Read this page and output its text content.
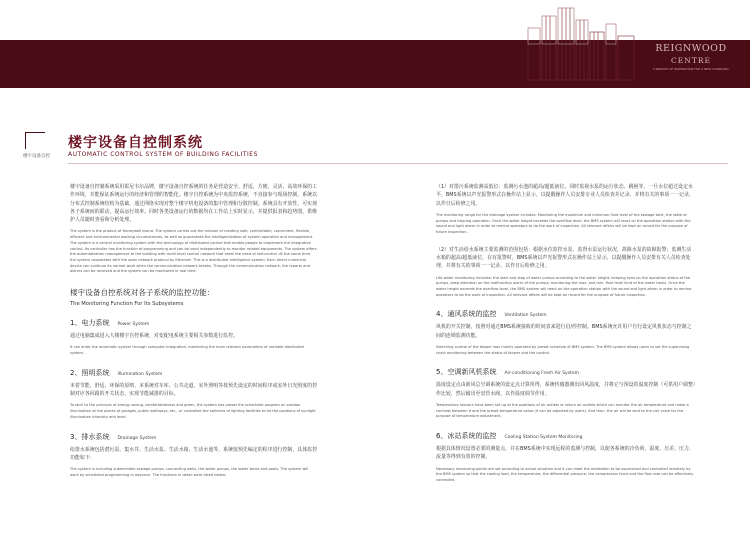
REIGNWOOD
CENTRE
A BREATH OF INSPIRATION FOR A NEW STANDARD
楼宇设备自控
楼宇设备自控制系统
AUTOMATIC CONTROL SYSTEM OF BUILDING FACILITIES

楼宇设备自控制系统采用霍尼韦尔品牌，楼宇设备自控系统的任务是营造安全、舒适、方便、灵活、高效环保的工作环境，并能保证系统运行的经济和管理的智能化。楼宇自控系统为中央监控系统，不直接参与现场控制，系统以分布式控制系统结构为基础，通过网络实现对整个楼宇机电设备的集中管理和分散控制。系统具有开放性，可实现各子系统间的联动，提高运行效率。同时各类设备运行的数据均在工作站上实时显示，并提供报表和趋势图，供维护人员随时查看和分析处理。

The system is the product of Honeywell brand. The system carries out the mission of creating safe, comfortable, convenient, flexible, efficient and environmental working circumstances, as well as guarantees the intelligentization of system operation and management. The system is a central monitoring system with the technology of distributed control that enable people to implement the integrative control. Its controller has the function of programming and can be used independently to monitor related equipments. The system offers the automatization management to the building with multi-level control network that meet the need of self-control. At the same time, the system cooperates with the open network protocol by Ethernet. This is a distributed intelligence system. Each direct numerical device can continue its normal work when the communication network breaks. Through the communication network, the reports and alarms can be received and the system can be monitored in real time.

楼宇设备自控系统对各子系统的监控功能：
The Monitoring Function For Its Subsystems
1、电力系统 Power System

通过电脑集成进入大楼楼宇自控系统，对变配电系统主要相关参数进行监控。

It can enter the automatic system through computer integration, monitoring the main relevant parameters of variable distributed system.

2、照明系统 Illumination System

本着节能、舒适、环保的原则，本系统对车库、公共走道、室外照明等按预先设定的时间程序或室外日光照度的控制对应各回路的开关状态，实现节能减排的目标。

To stick to the principle of energy saving, comfortableness and green, the system has preset the scheduled program on outdoor illumination at the places of garages, public walkways, etc., or controlled the switches of lighting facilities to let the positions of sunlight illumination intensity and level.

3、排水系统 Drainage System

给排水系统包括潜污泵、集水井、生活水泵、生活水箱、生活水池等，系统按预先编定的程序进行控制，具体监控功能如下：

The system is including submersible sewage pumps, connecting wells, the water pumps, the water tanks and pools. The system will work by scheduled programming in advance. The functions in detail were listed below:

（1）对排污系统监测高低位：监测污水池的超高/超低液位。同时监视水泵的运行状态、跳闸等，一旦水位超过设定水平，BMS系统以声光报警形式在操作站上显示，以提醒操作人员安排专业人员检查并记录，并将有关的事项一一记录，以作日后检修之用。

The monitoring range for the drainage system includes: Monitoring the maximum and minimum fluid level of the sewage tank, the state of pumps and tripping operation. Once the water height exceeds the overflow level, the BMS system will react on the operation station with the sound and light alarm in order to remind operators to do the work of inspection. All relevant affairs will be kept on record for the purpose of future inspection.

（2）对生活给水系统主要监测的范围包括：根据水位监控水泵，监督水泵运行状况，故障水泵的故障报警；监测生活水箱的超高/超低液位，在有报警时，BMS系统以声光报警形式在操作站上显示，以提醒操作人员安排有关人员检查处理，并将有关的事项一一记录，以作日后检修之用。

Life water monitoring includes: the start and stop of water pumps according to the water height; keeping eyes on the operation status of the pumps, keep attention on the malfunction alarm of the pumps; monitoring the max. and min. fluid level limit of the water tanks. Once the water height exceeds the overflow level, the BMS system will react on the operation station with the sound and light alarm in order to remind operators to do the work of inspection. All relevant affairs will be kept on record for the purpose of future inspection.

4、通风系统的监控 Ventilation System

风机的开关控制，按照对通过BMS系统接收的时间表来进行启/停控制。BMS系统允许用户自行设定风机状态与控制之间的连锁监测功能。

Switching control of the blower was mainly operated by preset schedule of BMS system. The BMS system allows users to set the supervising chain monitoring between the status of blower and the control.

5、空调新风机系统 Air-conditioning Fresh Air System

温度设定点由新风总空调系统的设定点计算所得，系统传感器测出回风温度，并将它与预设的温度控制（可供用户调整）作比较，然后输出至盘管水阀，以作温度调节作用。

Temperature sensors have been set up at the positions of air outlets or return air outlets which can monitor the air temperature and make a contrast between it and the preset temperature value (it can be adjusted by users). And then, the air will be sent to the coil valve for the purpose of temperature adjustment.

6、冰站系统的监控 Cooling Station System Monitoring

根据具体情况设置必要的测量点，并在BMS系统中实现远程的监测与控制，以使各系统的冷负荷、温度、压差、压力、流量等得到有效的控制。

Necessary measuring points are set according to actual situation and it can meet the realization to be supervised and controlled remotely by the BMS system so that the cooling load, the temperature, the differential pressure, the compression force and the flow rate can be effectively controlled.
